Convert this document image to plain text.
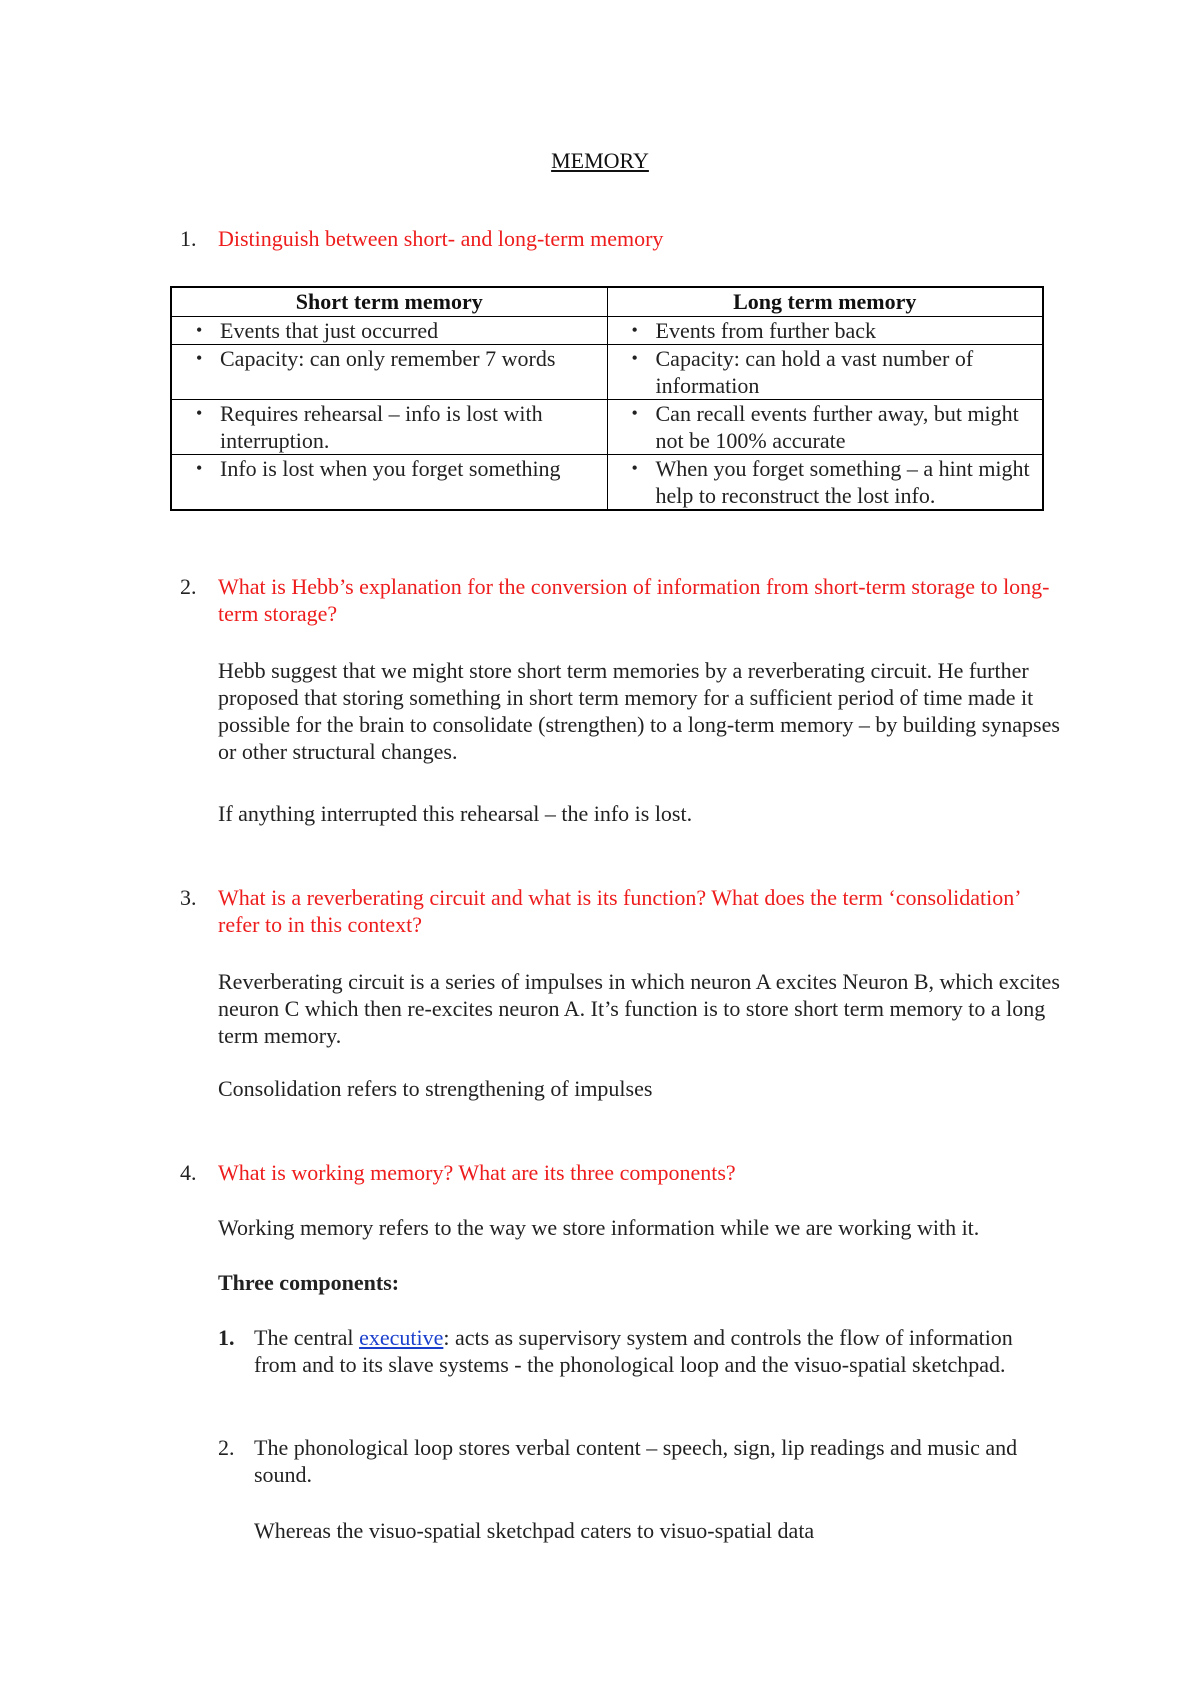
MEMORY
1. Distinguish between short- and long-term memory
Short term memory	Long term memory

• Events that just occurred	• Events from further back

• Capacity: can only remember 7 words	• Capacity: can hold a vast number of information

• Requires rehearsal – info is lost with interruption.	• Can recall events further away, but might not be 100% accurate

• Info is lost when you forget something	• When you forget something – a hint might help to reconstruct the lost info.
2. What is Hebb’s explanation for the conversion of information from short-term storage to long-term storage?
Hebb suggest that we might store short term memories by a reverberating circuit. He further proposed that storing something in short term memory for a sufficient period of time made it possible for the brain to consolidate (strengthen) to a long-term memory – by building synapses or other structural changes.
If anything interrupted this rehearsal – the info is lost.
3. What is a reverberating circuit and what is its function? What does the term ‘consolidation’ refer to in this context?
Reverberating circuit is a series of impulses in which neuron A excites Neuron B, which excites neuron C which then re-excites neuron A. It’s function is to store short term memory to a long term memory.
Consolidation refers to strengthening of impulses
4. What is working memory? What are its three components?
Working memory refers to the way we store information while we are working with it.
Three components:
1. The central executive: acts as supervisory system and controls the flow of information from and to its slave systems - the phonological loop and the visuo-spatial sketchpad.
2. The phonological loop stores verbal content – speech, sign, lip readings and music and sound.
Whereas the visuo-spatial sketchpad caters to visuo-spatial data
